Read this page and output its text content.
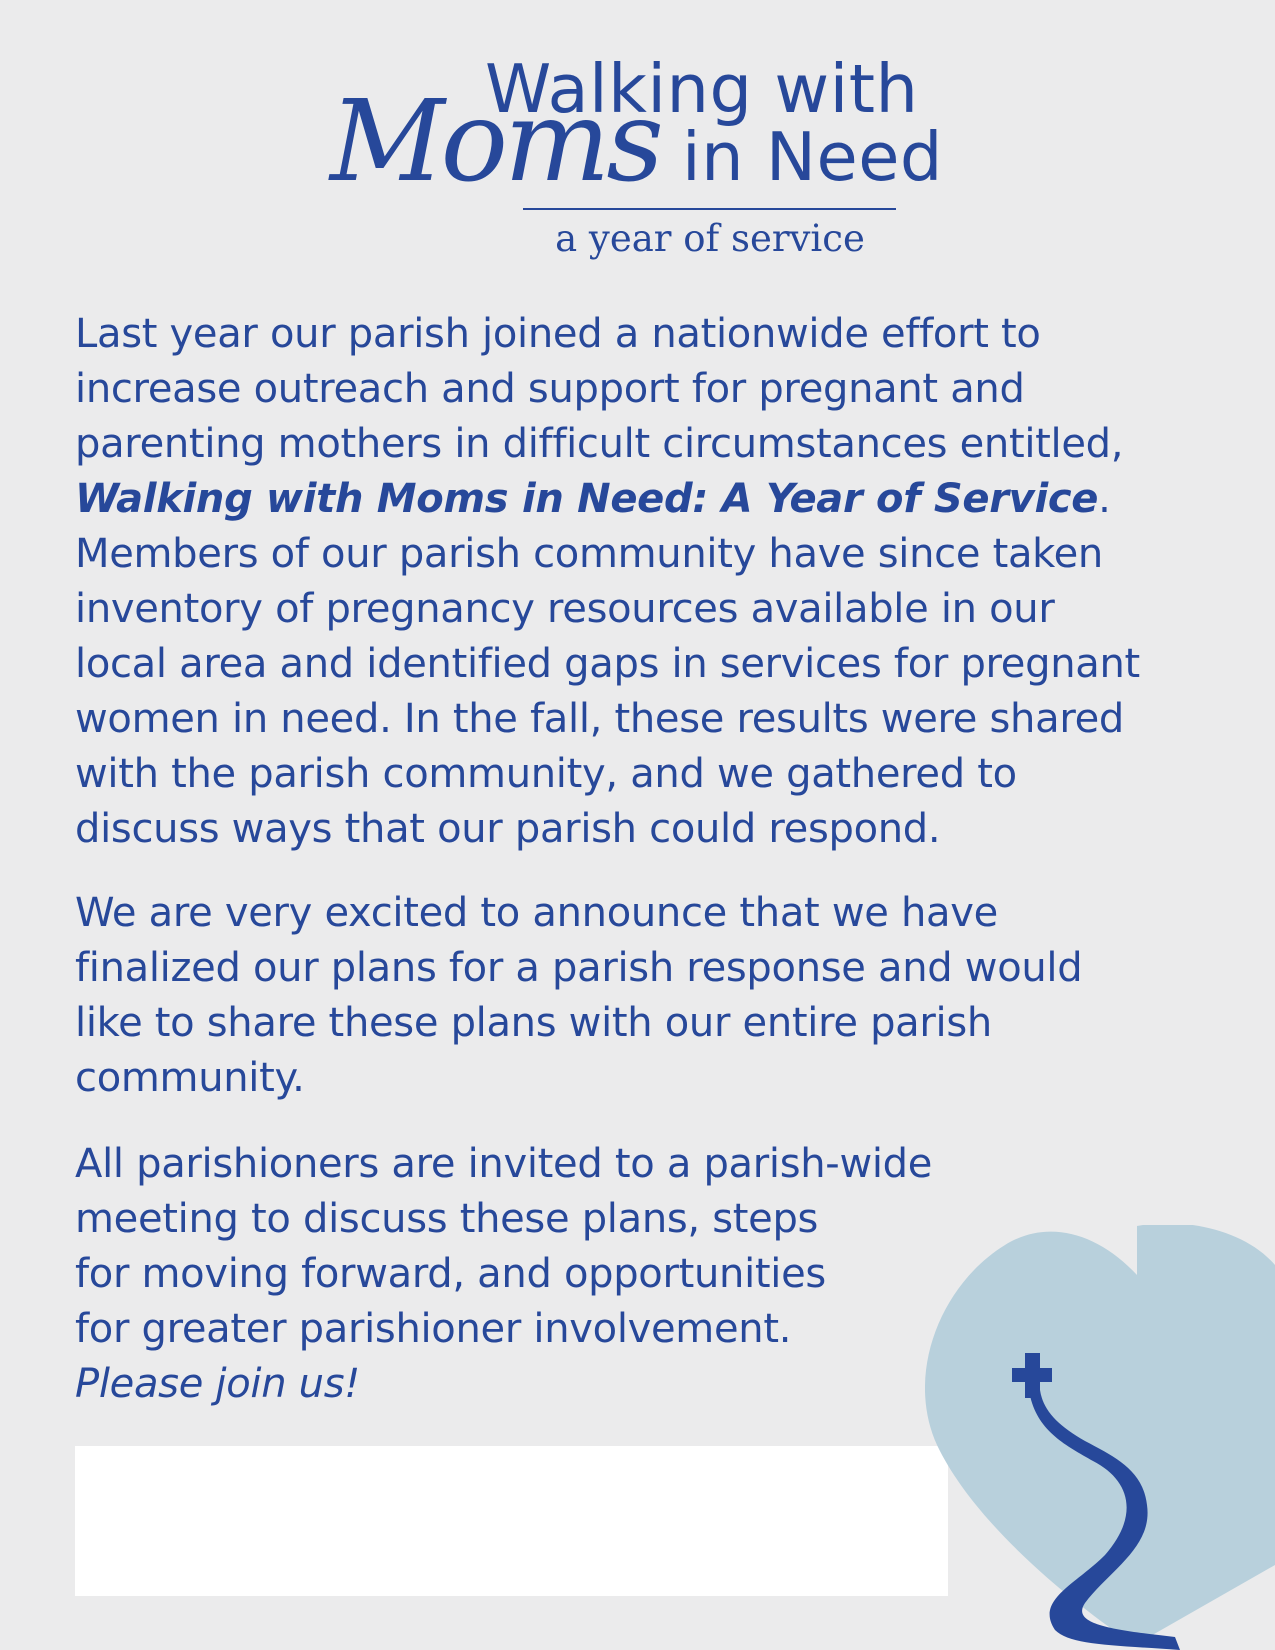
Walking with
Moms in Need
a year of service
Last year our parish joined a nationwide effort to
increase outreach and support for pregnant and
parenting mothers in difficult circumstances entitled,
Walking with Moms in Need: A Year of Service.
Members of our parish community have since taken
inventory of pregnancy resources available in our
local area and identified gaps in services for pregnant
women in need. In the fall, these results were shared
with the parish community, and we gathered to
discuss ways that our parish could respond.
We are very excited to announce that we have
finalized our plans for a parish response and would
like to share these plans with our entire parish
community.
All parishioners are invited to a parish-wide
meeting to discuss these plans, steps
for moving forward, and opportunities
for greater parishioner involvement.
Please join us!
